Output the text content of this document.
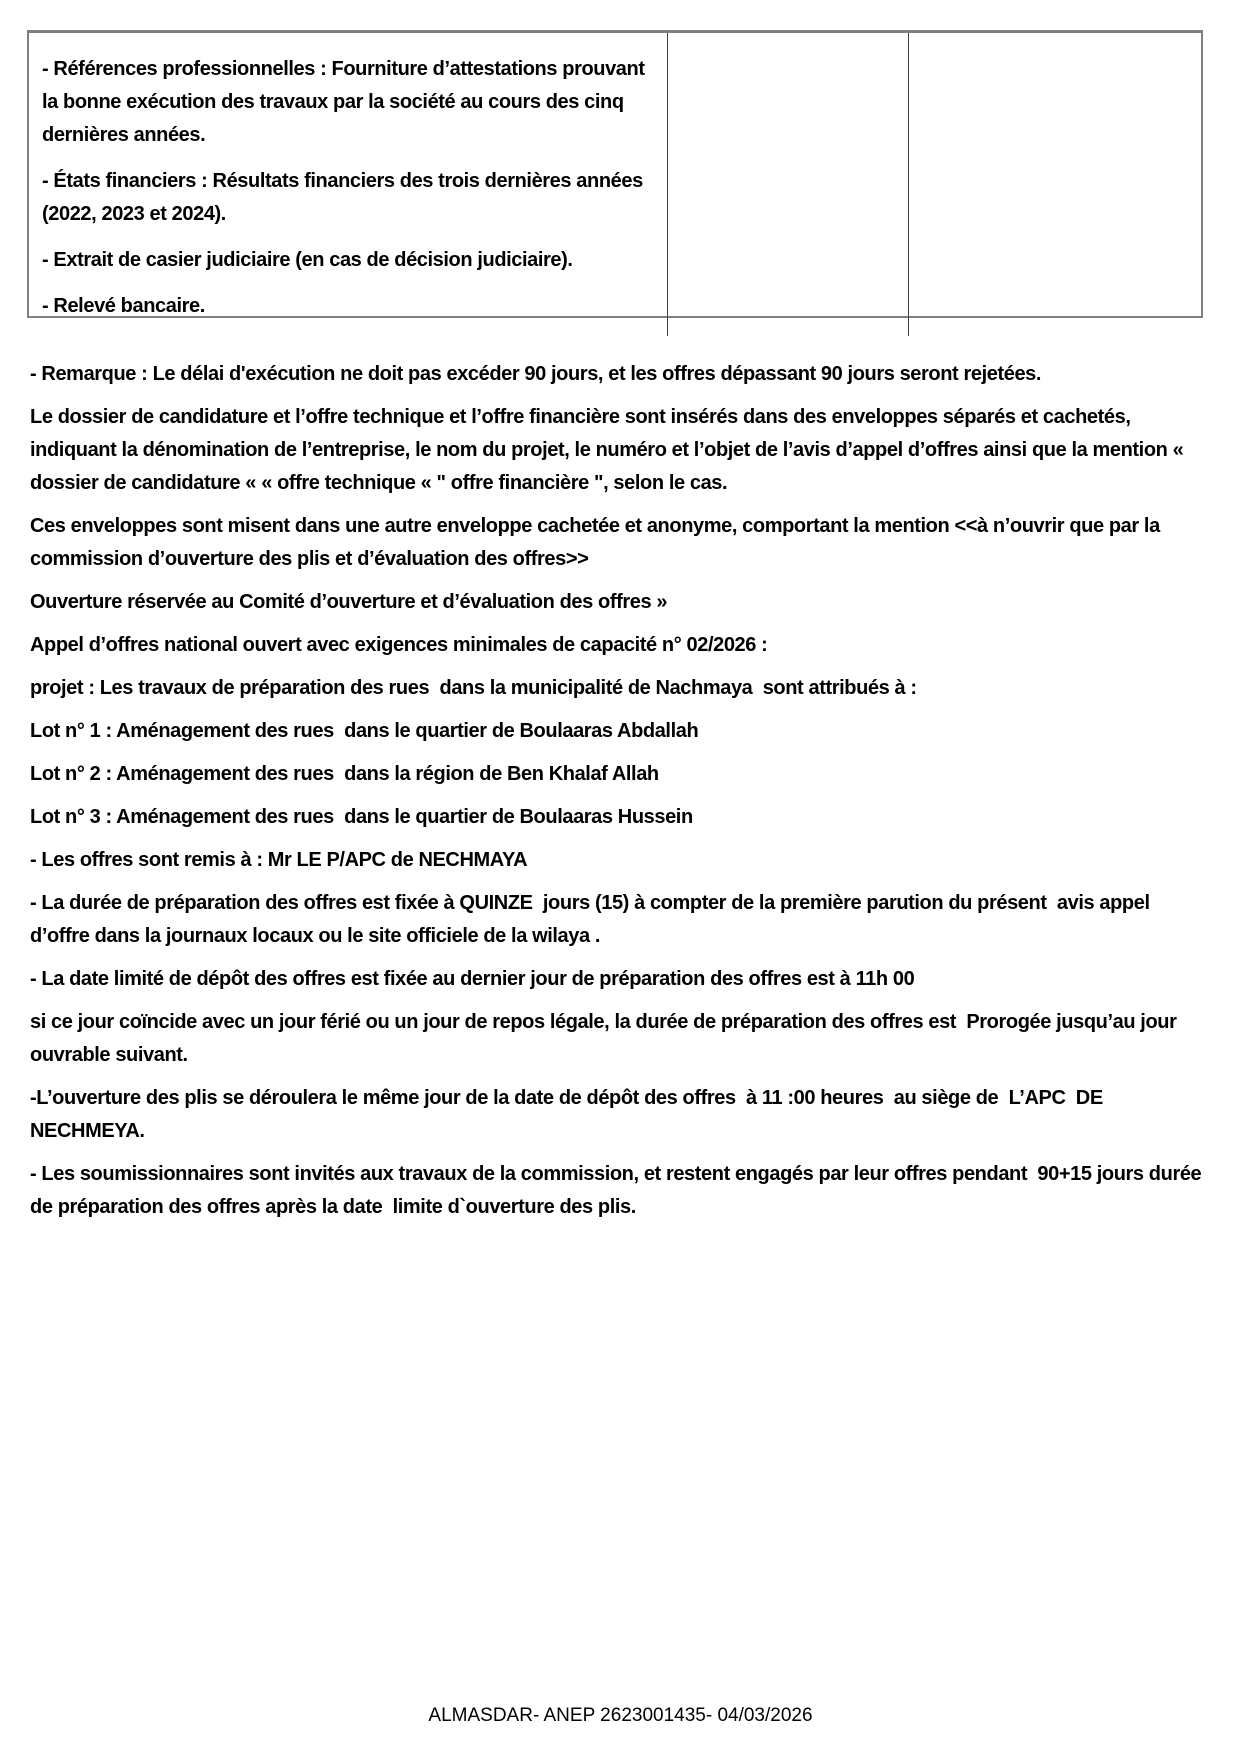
- Références professionnelles : Fourniture d’attestations prouvant la bonne exécution des travaux par la société au cours des cinq dernières années.

- États financiers : Résultats financiers des trois dernières années (2022, 2023 et 2024).

- Extrait de casier judiciaire (en cas de décision judiciaire).

- Relevé bancaire.

- Remarque : Le délai d'exécution ne doit pas excéder 90 jours, et les offres dépassant 90 jours seront rejetées.

Le dossier de candidature et l’offre technique et l’offre financière sont insérés dans des enveloppes séparés et cachetés, indiquant la dénomination de l’entreprise, le nom du projet, le numéro et l’objet de l’avis d’appel d’offres ainsi que la mention « dossier de candidature « « offre technique « " offre financière ", selon le cas.

Ces enveloppes sont misent dans une autre enveloppe cachetée et anonyme, comportant la mention <<à n’ouvrir que par la commission d’ouverture des plis et d’évaluation des offres>>

Ouverture réservée au Comité d’ouverture et d’évaluation des offres »

Appel d’offres national ouvert avec exigences minimales de capacité n° 02/2026 :

projet : Les travaux de préparation des rues  dans la municipalité de Nachmaya  sont attribués à :

Lot n° 1 : Aménagement des rues  dans le quartier de Boulaaras Abdallah

Lot n° 2 : Aménagement des rues  dans la région de Ben Khalaf Allah

Lot n° 3 : Aménagement des rues  dans le quartier de Boulaaras Hussein

- Les offres sont remis à : Mr LE P/APC de NECHMAYA

- La durée de préparation des offres est fixée à QUINZE  jours (15) à compter de la première parution du présent  avis appel d’offre dans la journaux locaux ou le site officiele de la wilaya .

- La date limité de dépôt des offres est fixée au dernier jour de préparation des offres est à 11h 00

si ce jour coïncide avec un jour férié ou un jour de repos légale, la durée de préparation des offres est  Prorogée jusqu’au jour ouvrable suivant.

-L’ouverture des plis se déroulera le même jour de la date de dépôt des offres  à 11 :00 heures  au siège de  L’APC  DE NECHMEYA.

- Les soumissionnaires sont invités aux travaux de la commission, et restent engagés par leur offres pendant  90+15 jours durée de préparation des offres après la date  limite d`ouverture des plis.

ALMASDAR- ANEP 2623001435- 04/03/2026
